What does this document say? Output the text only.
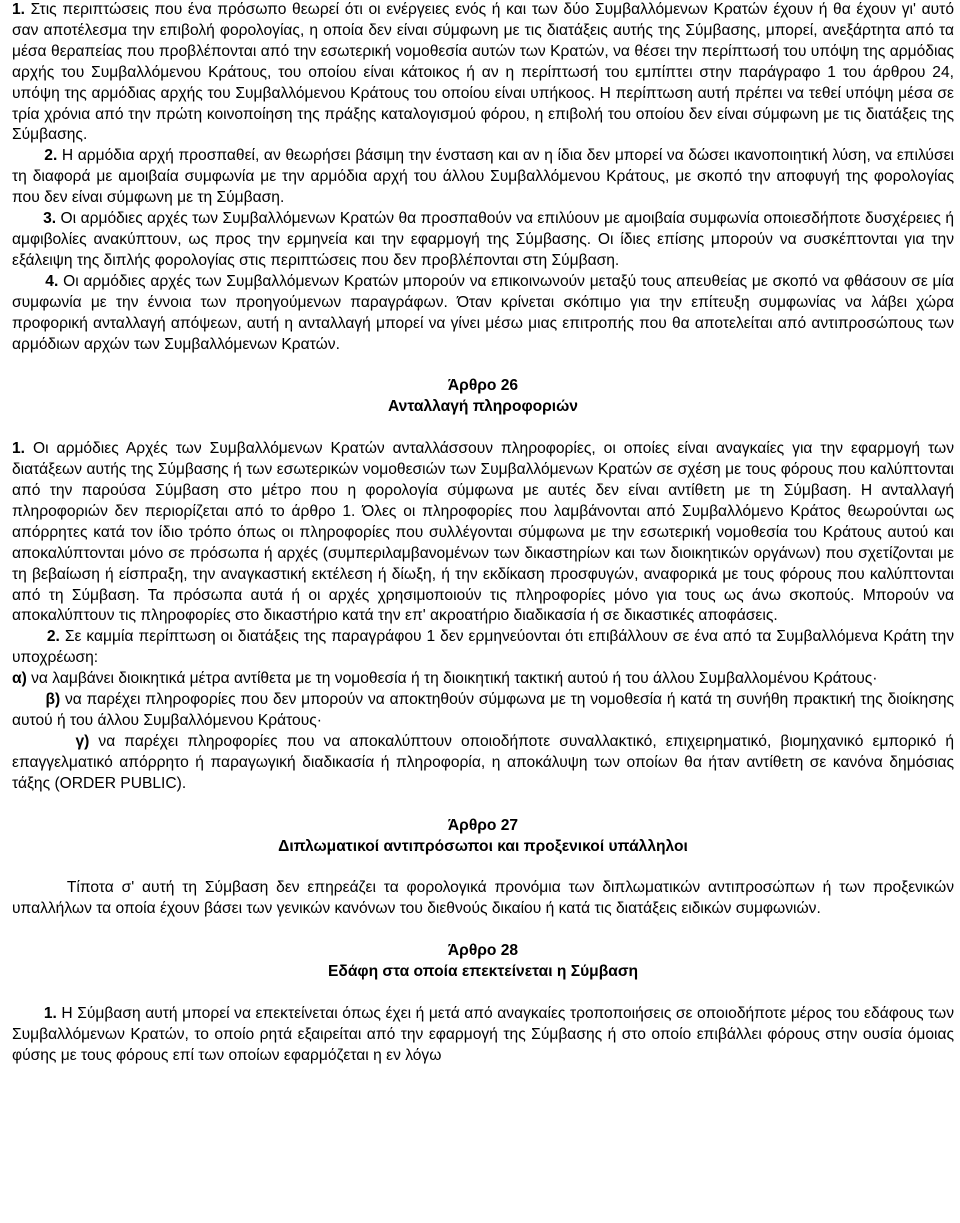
1. Στις περιπτώσεις που ένα πρόσωπο θεωρεί ότι οι ενέργειες ενός ή και των δύο Συμβαλλόμενων Κρατών έχουν ή θα έχουν γι' αυτό σαν αποτέλεσμα την επιβολή φορολογίας, η οποία δεν είναι σύμφωνη με τις διατάξεις αυτής της Σύμβασης, μπορεί, ανεξάρτητα από τα μέσα θεραπείας που προβλέπονται από την εσωτερική νομοθεσία αυτών των Κρατών, να θέσει την περίπτωσή του υπόψη της αρμόδιας αρχής του Συμβαλλόμενου Κράτους, του οποίου είναι κάτοικος ή αν η περίπτωσή του εμπίπτει στην παράγραφο 1 του άρθρου 24, υπόψη της αρμόδιας αρχής του Συμβαλλόμενου Κράτους του οποίου είναι υπήκοος. Η περίπτωση αυτή πρέπει να τεθεί υπόψη μέσα σε τρία χρόνια από την πρώτη κοινοποίηση της πράξης καταλογισμού φόρου, η επιβολή του οποίου δεν είναι σύμφωνη με τις διατάξεις της Σύμβασης.

2. Η αρμόδια αρχή προσπαθεί, αν θεωρήσει βάσιμη την ένσταση και αν η ίδια δεν μπορεί να δώσει ικανοποιητική λύση, να επιλύσει τη διαφορά με αμοιβαία συμφωνία με την αρμόδια αρχή του άλλου Συμβαλλόμενου Κράτους, με σκοπό την αποφυγή της φορολογίας που δεν είναι σύμφωνη με τη Σύμβαση.

3. Οι αρμόδιες αρχές των Συμβαλλόμενων Κρατών θα προσπαθούν να επιλύουν με αμοιβαία συμφωνία οποιεσδήποτε δυσχέρειες ή αμφιβολίες ανακύπτουν, ως προς την ερμηνεία και την εφαρμογή της Σύμβασης. Οι ίδιες επίσης μπορούν να συσκέπτονται για την εξάλειψη της διπλής φορολογίας στις περιπτώσεις που δεν προβλέπονται στη Σύμβαση.

4. Οι αρμόδιες αρχές των Συμβαλλόμενων Κρατών μπορούν να επικοινωνούν μεταξύ τους απευθείας με σκοπό να φθάσουν σε μία συμφωνία με την έννοια των προηγούμενων παραγράφων. Όταν κρίνεται σκόπιμο για την επίτευξη συμφωνίας να λάβει χώρα προφορική ανταλλαγή απόψεων, αυτή η ανταλλαγή μπορεί να γίνει μέσω μιας επιτροπής που θα αποτελείται από αντιπροσώπους των αρμόδιων αρχών των Συμβαλλόμενων Κρατών.

Άρθρο 26

Ανταλλαγή πληροφοριών

1. Οι αρμόδιες Αρχές των Συμβαλλόμενων Κρατών ανταλλάσσουν πληροφορίες, οι οποίες είναι αναγκαίες για την εφαρμογή των διατάξεων αυτής της Σύμβασης ή των εσωτερικών νομοθεσιών των Συμβαλλόμενων Κρατών σε σχέση με τους φόρους που καλύπτονται από την παρούσα Σύμβαση στο μέτρο που η φορολογία σύμφωνα με αυτές δεν είναι αντίθετη με τη Σύμβαση. Η ανταλλαγή πληροφοριών δεν περιορίζεται από το άρθρο 1. Όλες οι πληροφορίες που λαμβάνονται από Συμβαλλόμενο Κράτος θεωρούνται ως απόρρητες κατά τον ίδιο τρόπο όπως οι πληροφορίες που συλλέγονται σύμφωνα με την εσωτερική νομοθεσία του Κράτους αυτού και αποκαλύπτονται μόνο σε πρόσωπα ή αρχές (συμπεριλαμβανομένων των δικαστηρίων και των διοικητικών οργάνων) που σχετίζονται με τη βεβαίωση ή είσπραξη, την αναγκαστική εκτέλεση ή δίωξη, ή την εκδίκαση προσφυγών, αναφορικά με τους φόρους που καλύπτονται από τη Σύμβαση. Τα πρόσωπα αυτά ή οι αρχές χρησιμοποιούν τις πληροφορίες μόνο για τους ως άνω σκοπούς. Μπορούν να αποκαλύπτουν τις πληροφορίες στο δικαστήριο κατά την επ' ακροατήριο διαδικασία ή σε δικαστικές αποφάσεις.

2. Σε καμμία περίπτωση οι διατάξεις της παραγράφου 1 δεν ερμηνεύονται ότι επιβάλλουν σε ένα από τα Συμβαλλόμενα Κράτη την υποχρέωση:

α) να λαμβάνει διοικητικά μέτρα αντίθετα με τη νομοθεσία ή τη διοικητική τακτική αυτού ή του άλλου Συμβαλλομένου Κράτους·

β) να παρέχει πληροφορίες που δεν μπορούν να αποκτηθούν σύμφωνα με τη νομοθεσία ή κατά τη συνήθη πρακτική της διοίκησης αυτού ή του άλλου Συμβαλλόμενου Κράτους·

γ) να παρέχει πληροφορίες που να αποκαλύπτουν οποιοδήποτε συναλλακτικό, επιχειρηματικό, βιομηχανικό εμπορικό ή επαγγελματικό απόρρητο ή παραγωγική διαδικασία ή πληροφορία, η αποκάλυψη των οποίων θα ήταν αντίθετη σε κανόνα δημόσιας τάξης (ORDER PUBLIC).

Άρθρο 27

Διπλωματικοί αντιπρόσωποι και προξενικοί υπάλληλοι

Τίποτα σ' αυτή τη Σύμβαση δεν επηρεάζει τα φορολογικά προνόμια των διπλωματικών αντιπροσώπων ή των προξενικών υπαλλήλων τα οποία έχουν βάσει των γενικών κανόνων του διεθνούς δικαίου ή κατά τις διατάξεις ειδικών συμφωνιών.

Άρθρο 28

Εδάφη στα οποία επεκτείνεται η Σύμβαση

1. Η Σύμβαση αυτή μπορεί να επεκτείνεται όπως έχει ή μετά από αναγκαίες τροποποιήσεις σε οποιοδήποτε μέρος του εδάφους των Συμβαλλόμενων Κρατών, το οποίο ρητά εξαιρείται από την εφαρμογή της Σύμβασης ή στο οποίο επιβάλλει φόρους στην ουσία όμοιας φύσης με τους φόρους επί των οποίων εφαρμόζεται η εν λόγω
